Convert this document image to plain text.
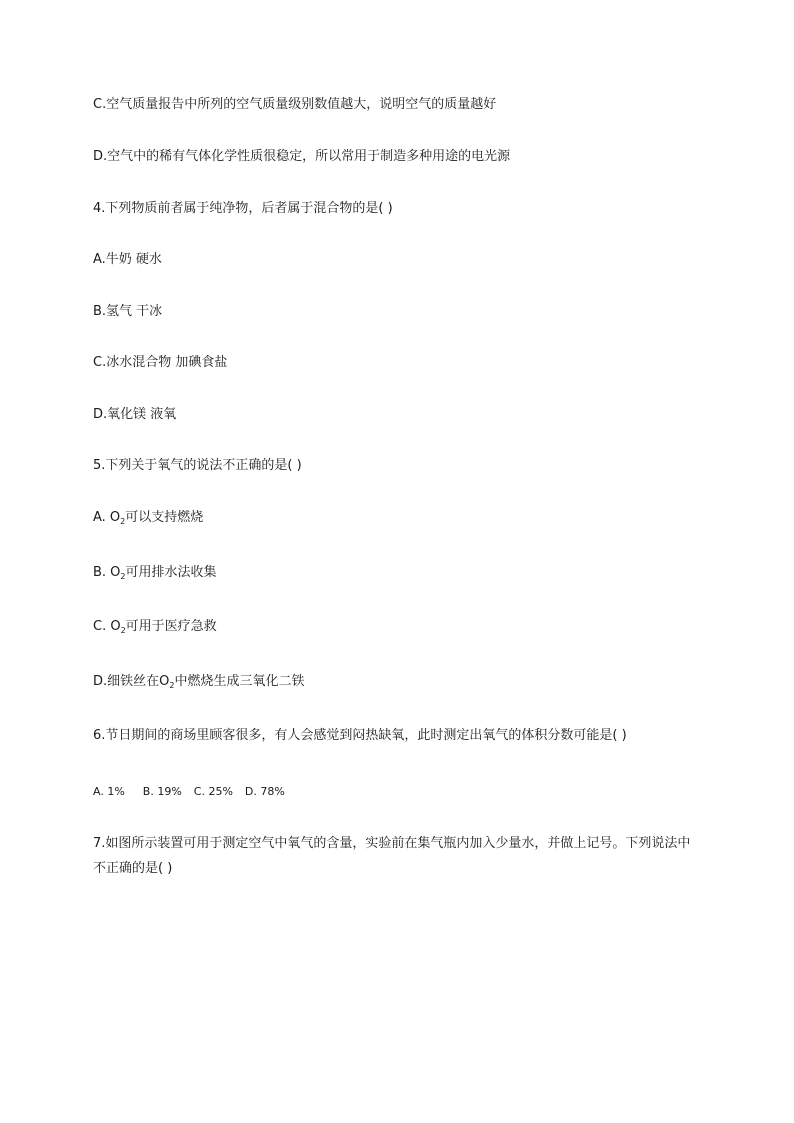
C.空气质量报告中所列的空气质量级别数值越大，说明空气的质量越好
D.空气中的稀有气体化学性质很稳定，所以常用于制造多种用途的电光源
4.下列物质前者属于纯净物，后者属于混合物的是( )
A.牛奶 硬水
B.氢气 干冰
C.冰水混合物 加碘食盐
D.氧化镁 液氧
5.下列关于氧气的说法不正确的是( )
A. $O_2$可以支持燃烧
B. $O_2$可用排水法收集
C. $O_2$可用于医疗急救
D.细铁丝在$O_2$中燃烧生成三氧化二铁
6.节日期间的商场里顾客很多，有人会感觉到闷热缺氧，此时测定出氧气的体积分数可能是( )
A. 1% B. 19% C. 25% D. 78%
7.如图所示装置可用于测定空气中氧气的含量，实验前在集气瓶内加入少量水，并做上记号。下列说法中不正确的是( )
